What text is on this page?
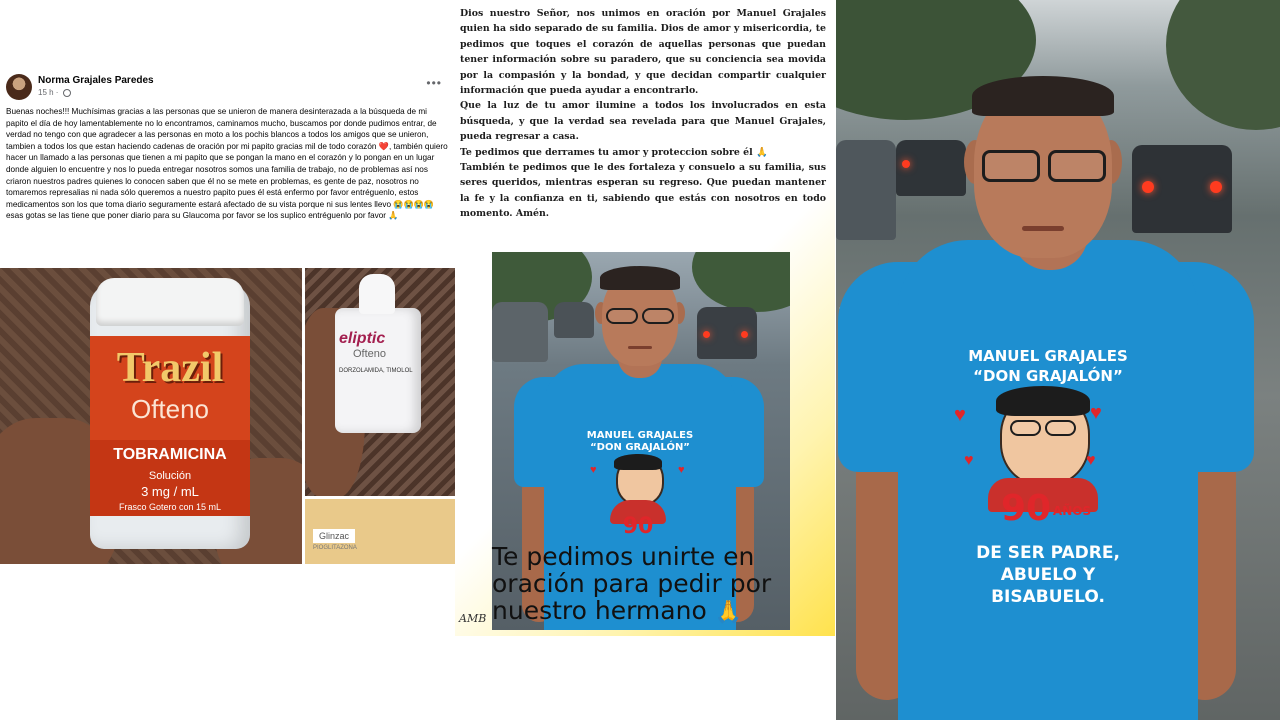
Norma Grajales Paredes
15 h ·
•••
Buenas noches!!! Muchísimas gracias a las personas que se unieron de manera desinterazada a la búsqueda de mi papito el día de hoy lamentablemente no lo encontramos, caminamos mucho, buscamos por donde pudimos entrar, de verdad no tengo con que agradecer a las personas en moto a los pochis blancos a todos los amigos que se unieron, tambien a todos los que estan haciendo cadenas de oración por mi papito gracias mil de todo corazón ❤️, también quiero hacer un llamado a las personas que tienen a mi papito que se pongan la mano en el corazón y lo pongan en un lugar donde alguien lo encuentre y nos lo pueda entregar nosotros somos una familia de trabajo, no de problemas así nos criaron nuestros padres quienes lo conocen saben que él no se mete en problemas, es gente de paz, nosotros no tomaremos represalias ni nada sólo queremos a nuestro papito pues él está enfermo por favor entréguenlo, estos medicamentos son los que toma diario seguramente estará afectado de su vista porque ni sus lentes llevo 😭😭😭😭 esas gotas se las tiene que poner diario para su Glaucoma por favor se los suplico entréguenlo por favor 🙏
Trazil
Ofteno
TOBRAMICINA
Solución
3 mg / mL
Frasco Gotero con 15 mL
eliptic
Ofteno
DORZOLAMIDA, TIMOLOL
Glinzac
PIOGLITAZONA

Dios nuestro Señor, nos unimos en oración por Manuel Grajales quien ha sido separado de su familia. Dios de amor y misericordia, te pedimos que toques el corazón de aquellas personas que puedan tener información sobre su paradero, que su conciencia sea movida por la compasión y la bondad, y que decidan compartir cualquier información que pueda ayudar a encontrarlo.

Que la luz de tu amor ilumine a todos los involucrados en esta búsqueda, y que la verdad sea revelada para que Manuel Grajales, pueda regresar a casa.

Te pedimos que derrames tu amor y proteccion sobre él 🙏

También te pedimos que le des fortaleza y consuelo a su familia, sus seres queridos, mientras esperan su regreso. Que puedan mantener la fe y la confianza en ti, sabiendo que estás con nosotros en todo momento. Amén.

MANUEL GRAJALES
“DON GRAJALÓN”
♥	♥
90
Te pedimos unirte en oración para pedir por nuestro hermano 🙏
AMB
MANUEL GRAJALES
“DON GRAJALÓN”
♥
♥
♥
♥
90 AÑOS
DE SER PADRE,
ABUELO Y
BISABUELO.
